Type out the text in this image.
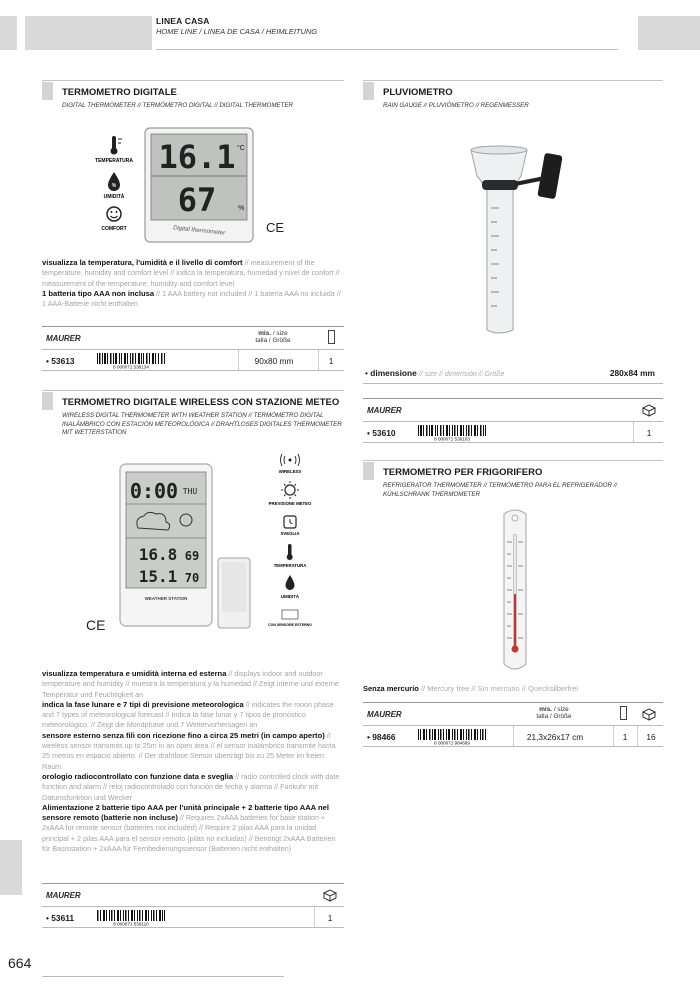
LINEA CASA
HOME LINE / LINEA DE CASA / HEIMLEITUNG
TERMOMETRO DIGITALE
DIGITAL THERMOMETER // TERMÓMETRO DIGITAL // DIGITAL THERMOMETER
TEMPERATURA
%
UMIDITÀ
COMFORT
16.1 °C
67	%
Digital thermometer	CE
visualizza la temperatura, l'umidità e il livello di comfort // measurement of the temperature, humidity and comfort level // indica la temperatura, humedad y nivel de confort // measurement of the temperature, humidity and comfort level
1 batteria tipo AAA non inclusa // 1 AAA battery not included // 1 batería AAA no incluida // 1 AAA-Batterie nicht enthalten
MAURER
mis. / size
talla / Größe
• 53613
8 000071 536134
90x80 mm	1
PLUVIOMETRO
RAIN GAUGE // PLUVIÓMETRO // REGENMESSER
• dimensione // size // dimensión // Größe	280x84 mm
MAURER
• 53610
8 000071 536103
1
TERMOMETRO DIGITALE WIRELESS CON STAZIONE METEO
WIRELESS DIGITAL THERMOMETER WITH WEATHER STATION // TERMÓMETRO DIGITAL INALÁMBRICO CON ESTACIÓN METEOROLÓGICA // DRAHTLOSES DIGITALES THERMOMETER MIT WETTERSTATION
0:00 THU
16.8 69
15.1 70
WEATHER STATION
CE
WIRELESS
PREVISIONE METEO
SVEGLIA
TEMPERATURA
UMIDITÀ
CON SENSORE ESTERNO
visualizza temperatura e umidità interna ed esterna // displays indoor and outdoor temperature and humidity // muestra la temperatura y la humedad // Zeigt interne und externe Temperatur und Feuchtigkeit an
indica la fase lunare e 7 tipi di previsione meteorologica // indicates the moon phase and 7 types of meteorological forecast // Indica la fase lunar y 7 tipos de pronóstico meteorológico. // Zeigt die Mondphase und 7 Wettervorhersagen an
sensore esterno senza fili con ricezione fino a circa 25 metri (in campo aperto) // wireless sensor transmits up to 25m in an open area // el sensor inalámbrico transmite hasta 25 metros en espacio abierto. // Der drahtlose Sensor überträgt bis zu 25 Meter im freien Raum.
orologio radiocontrollato con funzione data e sveglia // radio controlled clock with date function and alarm // reloj radiocontrolado con función de fecha y alarma // Funkuhr mit Datumsfunktion und Wecker
Alimentazione 2 batterie tipo AAA per l'unità principale + 2 batterie tipo AAA nel sensore remoto (batterie non incluse) // Requires 2xAAA batteries for base station + 2xAAA for remote sensor (batteries not included) // Require 2 pilas AAA para la unidad principal + 2 pilas AAA para el sensor remoto (pilas no incluidas) // Benötigt 2xAAA Batterien für Basisstation + 2xAAA für Fernbedienungssensor (Batterien nicht enthalten)
MAURER
• 53611
8 000071 536110
1
TERMOMETRO PER FRIGORIFERO
REFRIGERATOR THERMOMETER // TERMÓMETRO PARA EL REFRIGERADOR // KÜHLSCHRANK THERMOMETER
Senza mercurio // Mercury free // Sin mercurio // Quecksilberfrei
MAURER
mis. / size
talla / Größe
• 98466
8 000071 984669
21,3x26x17 cm	1	16
664
